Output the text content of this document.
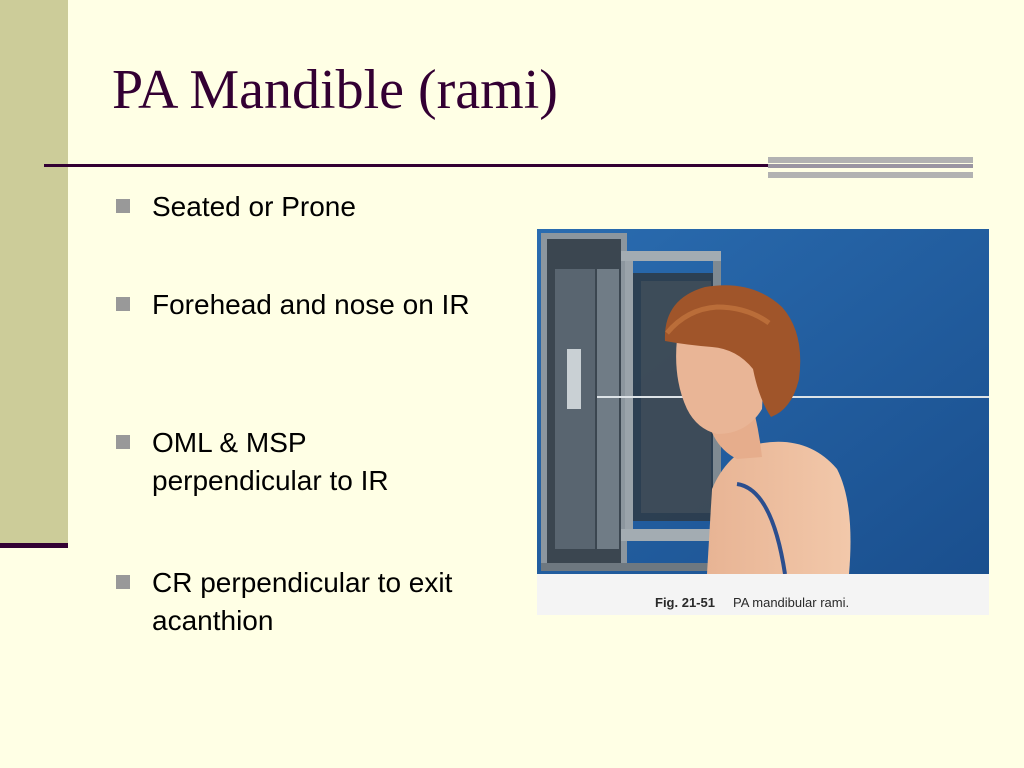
PA Mandible (rami)
Seated or Prone
Forehead and nose on IR
OML & MSP perpendicular to IR
CR perpendicular to exit acanthion
Fig. 21-51 PA mandibular rami.
